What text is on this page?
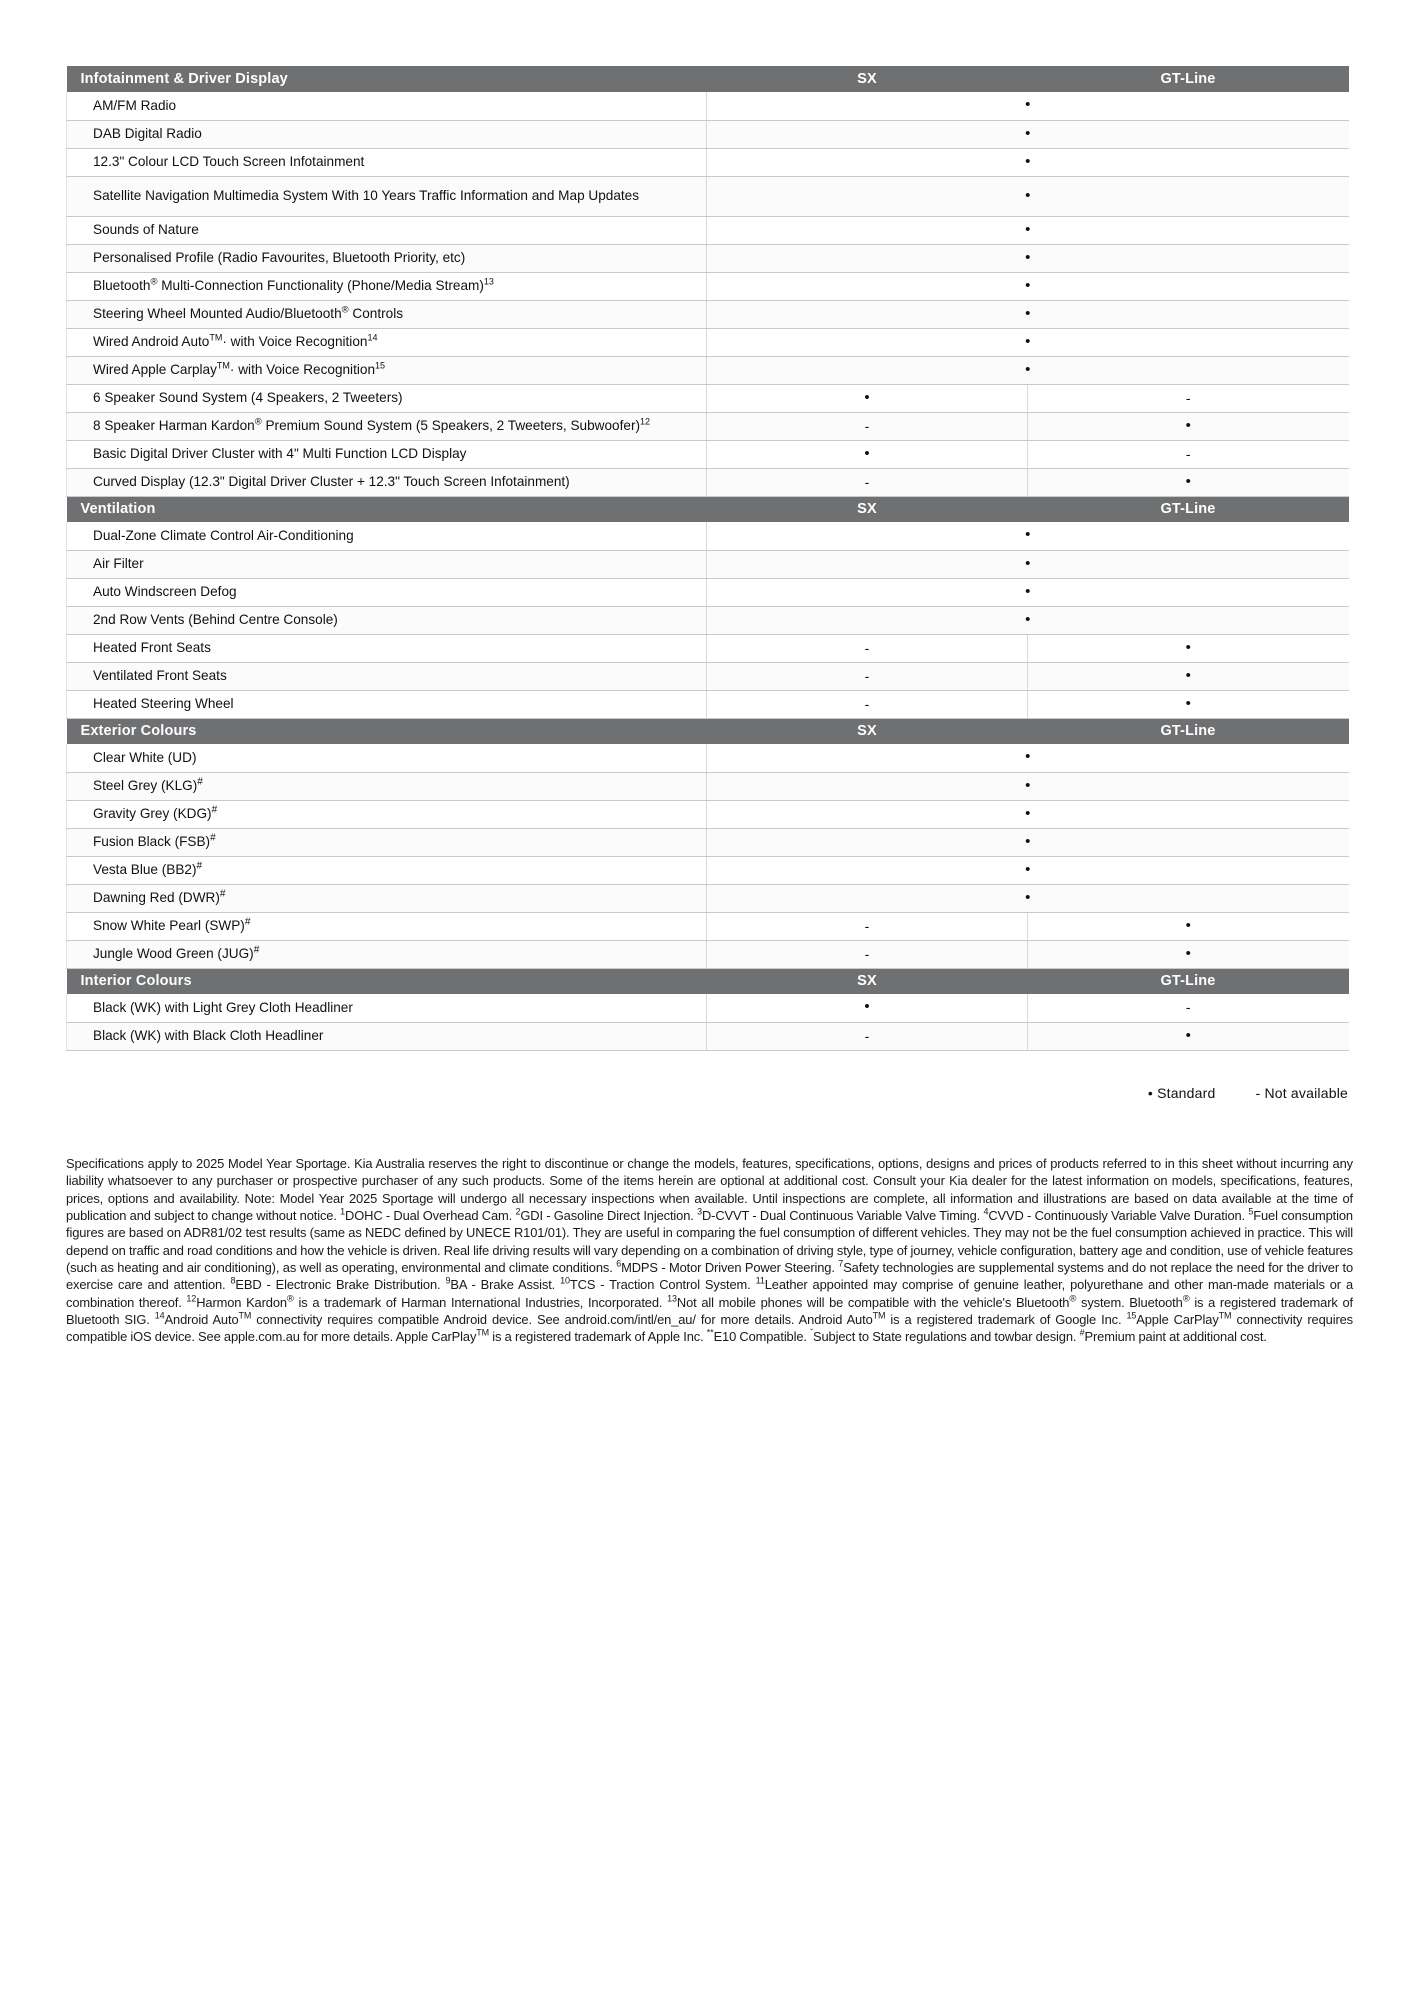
Infotainment & Driver Display	SX	GT-Line
AM/FM Radio	•	
DAB Digital Radio	•	
12.3" Colour LCD Touch Screen Infotainment	•	
Satellite Navigation Multimedia System With 10 Years Traffic Information and Map Updates	•	
Sounds of Nature	•	
Personalised Profile (Radio Favourites, Bluetooth Priority, etc)	•	
Bluetooth® Multi-Connection Functionality (Phone/Media Stream)$^{13}$	•	
Steering Wheel Mounted Audio/Bluetooth® Controls	•	
Wired Android Auto™· with Voice Recognition$^{14}$	•	
Wired Apple Carplay™· with Voice Recognition$^{15}$	•	
6 Speaker Sound System (4 Speakers, 2 Tweeters)	•	-
8 Speaker Harman Kardon® Premium Sound System (5 Speakers, 2 Tweeters, Subwoofer)$^{12}$	-	•
Basic Digital Driver Cluster with 4" Multi Function LCD Display	•	-
Curved Display (12.3" Digital Driver Cluster + 12.3" Touch Screen Infotainment)	-	•
Ventilation	SX	GT-Line
Dual-Zone Climate Control Air-Conditioning	•	
Air Filter	•	
Auto Windscreen Defog	•	
2nd Row Vents (Behind Centre Console)	•	
Heated Front Seats	-	•
Ventilated Front Seats	-	•
Heated Steering Wheel	-	•
Exterior Colours	SX	GT-Line
Clear White (UD)	•	
Steel Grey (KLG)#	•	
Gravity Grey (KDG)#	•	
Fusion Black (FSB)#	•	
Vesta Blue (BB2)#	•	
Dawning Red (DWR)#	•	
Snow White Pearl (SWP)#	-	•
Jungle Wood Green (JUG)#	-	•
Interior Colours	SX	GT-Line
Black (WK) with Light Grey Cloth Headliner	•	-
Black (WK) with Black Cloth Headliner	-	•
• Standard	- Not available

Specifications apply to 2025 Model Year Sportage. Kia Australia reserves the right to discontinue or change the models, features, specifications, options, designs and prices of products referred to in this sheet without incurring any liability whatsoever to any purchaser or prospective purchaser of any such products. Some of the items herein are optional at additional cost. Consult your Kia dealer for the latest information on models, specifications, features, prices, options and availability. Note: Model Year 2025 Sportage will undergo all necessary inspections when available. Until inspections are complete, all information and illustrations are based on data available at the time of publication and subject to change without notice. $^1$DOHC - Dual Overhead Cam. $^2$GDI - Gasoline Direct Injection. $^3$D-CVVT - Dual Continuous Variable Valve Timing. $^4$CVVD - Continuously Variable Valve Duration. $^5$Fuel consumption figures are based on ADR81/02 test results (same as NEDC defined by UNECE R101/01). They are useful in comparing the fuel consumption of different vehicles. They may not be the fuel consumption achieved in practice. This will depend on traffic and road conditions and how the vehicle is driven. Real life driving results will vary depending on a combination of driving style, type of journey, vehicle configuration, battery age and condition, use of vehicle features (such as heating and air conditioning), as well as operating, environmental and climate conditions. $^6$MDPS - Motor Driven Power Steering. $^7$Safety technologies are supplemental systems and do not replace the need for the driver to exercise care and attention. $^8$EBD - Electronic Brake Distribution. $^9$BA - Brake Assist. $^{10}$TCS - Traction Control System. $^{11}$Leather appointed may comprise of genuine leather, polyurethane and other man-made materials or a combination thereof. $^{12}$Harmon Kardon® is a trademark of Harman International Industries, Incorporated. $^{13}$Not all mobile phones will be compatible with the vehicle's Bluetooth® system. Bluetooth® is a registered trademark of Bluetooth SIG. $^{14}$Android Auto™ connectivity requires compatible Android device. See android.com/intl/en_au/ for more details. Android Auto™ is a registered trademark of Google Inc. $^{15}$Apple CarPlay™ connectivity requires compatible iOS device. See apple.com.au for more details. Apple CarPlay™ is a registered trademark of Apple Inc. **E10 Compatible. $^ˇ$Subject to State regulations and towbar design. #Premium paint at additional cost.
